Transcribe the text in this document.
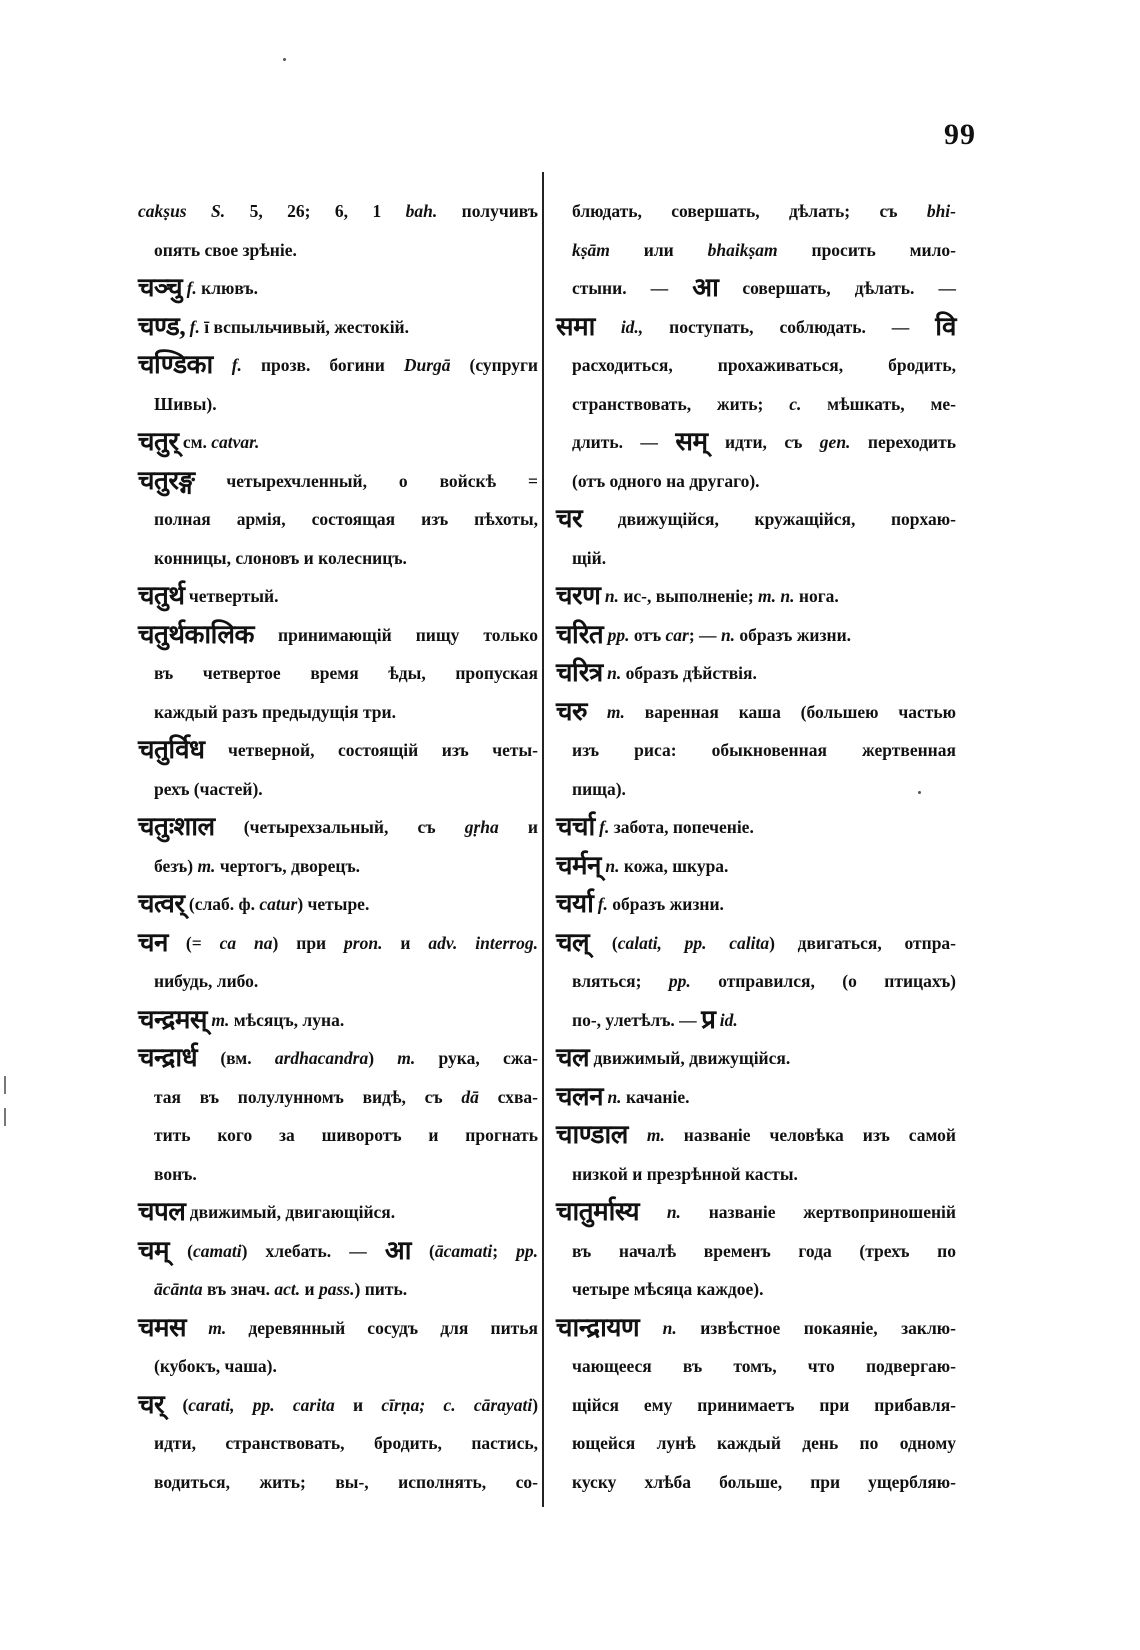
99
cakṣus S. 5, 26; 6, 1 bah. получивъ
опять свое зрѣніе.
चञ्चु f. клювъ.
चण्ड, f. ī вспыльчивый, жестокій.
चण्डिका f. прозв. богини Durgā (супруги
Шивы).
चतुर् см. catvar.
चतुरङ्ग четырехчленный, о войскѣ =
полная армія, состоящая изъ пѣхоты,
конницы, слоновъ и колесницъ.
चतुर्थ четвертый.
चतुर्थकालिक принимающій пищу только
въ четвертое время ѣды, пропуская
каждый разъ предыдущія три.
चतुर्विध четверной, состоящій изъ четы-
рехъ (частей).
चतुःशाल (четырехзальный, съ gṛha и
безъ) m. чертогъ, дворецъ.
चत्वर् (слаб. ф. catur) четыре.
चन (= ca na) при pron. и adv. interrog.
нибудь, либо.
चन्द्रमस् m. мѣсяцъ, луна.
चन्द्रार्ध (вм. ardhacandra) m. рука, сжа-
тая въ полулунномъ видѣ, съ dā схва-
тить кого за шиворотъ и прогнать
вонъ.
चपल движимый, двигающійся.
चम् (camati) хлебать. — आ (ācamati; pp.
ācānta въ знач. act. и pass.) пить.
चमस m. деревянный сосудъ для питья
(кубокъ, чаша).
चर् (carati, pp. carita и cīrṇa; c. cārayati)
идти, странствовать, бродить, пастись,
водиться, жить; вы-, исполнять, со-
блюдать, совершать, дѣлать; съ bhi-
kṣām или bhaikṣam просить мило-
стыни. — आ совершать, дѣлать. —
समा id., поступать, соблюдать. — वि
расходиться, прохаживаться, бродить,
странствовать, жить; c. мѣшкать, ме-
длить. — सम् идти, съ gen. переходить
(отъ одного на другаго).
चर движущійся, кружащійся, порхаю-
щій.
चरण n. ис-, выполненіе; m. n. нога.
चरित pp. отъ car; — n. образъ жизни.
चरित्र n. образъ дѣйствія.
चरु m. варенная каша (большею частью
изъ риса: обыкновенная жертвенная
пища).
चर्चा f. забота, попеченіе.
चर्मन् n. кожа, шкура.
चर्या f. образъ жизни.
चल् (calati, pp. calita) двигаться, отпра-
вляться; pp. отправился, (о птицахъ)
по-, улетѣлъ. — प्र id.
चल движимый, движущійся.
चलन n. качаніе.
चाण्डाल m. названіе человѣка изъ самой
низкой и презрѣнной касты.
चातुर्मास्य n. названіе жертвоприношеній
въ началѣ временъ года (трехъ по
четыре мѣсяца каждое).
चान्द्रायण n. извѣстное покаяніе, заклю-
чающееся въ томъ, что подвергаю-
щійся ему принимаетъ при прибавля-
ющейся лунѣ каждый день по одному
куску хлѣба больше, при ущербляю-
